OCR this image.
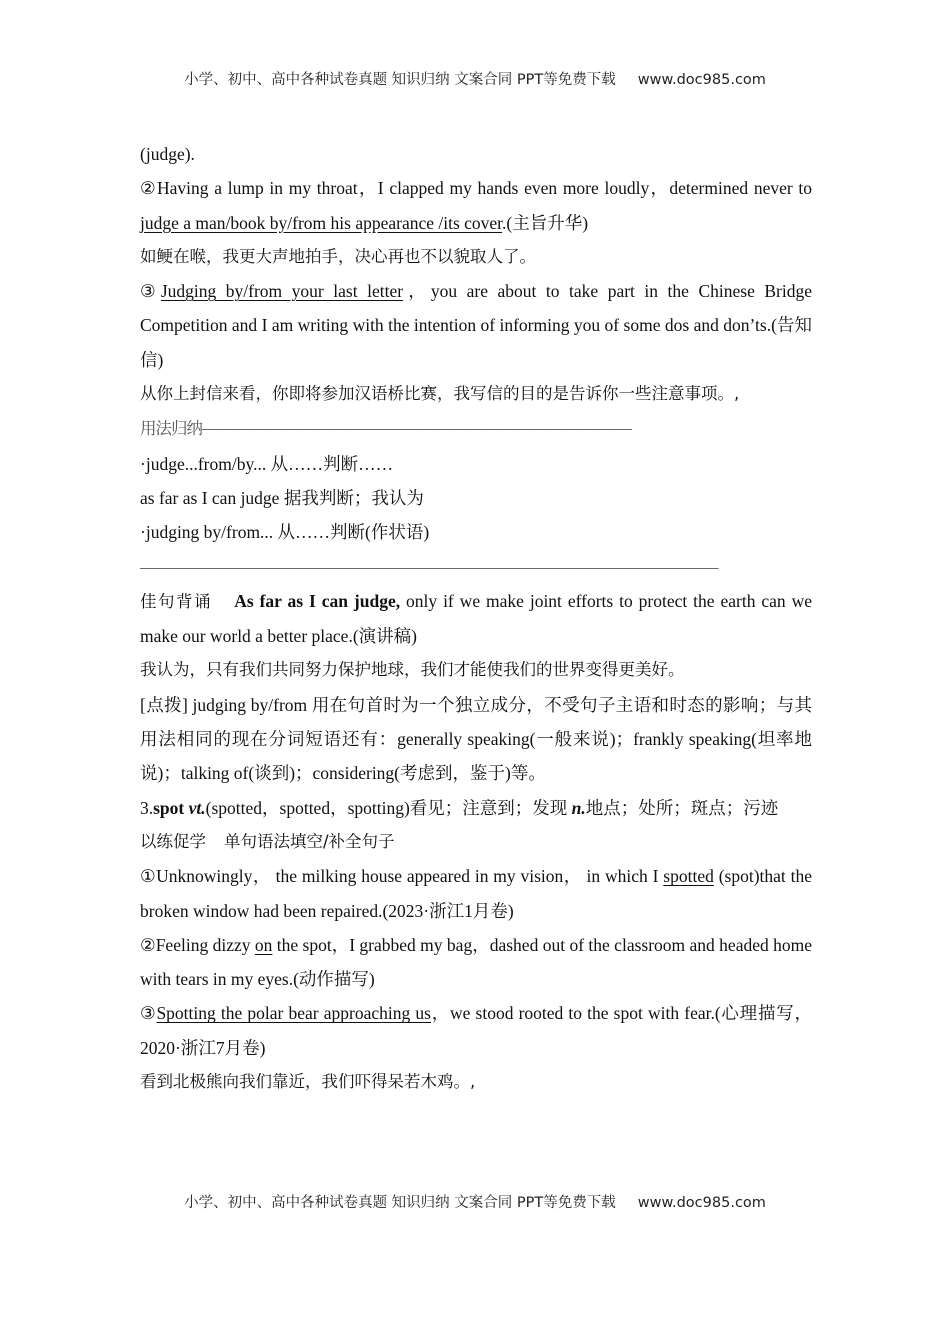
小学、初中、高中各种试卷真题 知识归纳 文案合同 PPT等免费下载 www.doc985.com

(judge).

②Having a lump in my throat，I clapped my hands even more loudly，determined never to judge a man/book by/from his appearance /its cover.(主旨升华)

如鲠在喉，我更大声地拍手，决心再也不以貌取人了。

③Judging by/from your last letter，you are about to take part in the Chinese Bridge Competition and I am writing with the intention of informing you of some dos and don’ts.(告知信)

从你上封信来看，你即将参加汉语桥比赛，我写信的目的是告诉你一些注意事项。,

用法归纳——————————————————————————

·judge...from/by... 从……判断……

as far as I can judge 据我判断；我认为

·judging by/from... 从……判断(作状语)

———————————————————————————————————

佳句背诵 As far as I can judge, only if we make joint efforts to protect the earth can we make our world a better place.(演讲稿)

我认为，只有我们共同努力保护地球，我们才能使我们的世界变得更美好。

[点拨] judging by/from 用在句首时为一个独立成分，不受句子主语和时态的影响；与其用法相同的现在分词短语还有：generally speaking(一般来说)；frankly speaking(坦率地说)；talking of(谈到)；considering(考虑到，鉴于)等。

3.spot vt.(spotted，spotted，spotting)看见；注意到；发现 n.地点；处所；斑点；污迹

以练促学 单句语法填空/补全句子

①Unknowingly， the milking house appeared in my vision， in which I spotted (spot)that the broken window had been repaired.(2023·浙江1月卷)

②Feeling dizzy on the spot，I grabbed my bag，dashed out of the classroom and headed home with tears in my eyes.(动作描写)

③Spotting the polar bear approaching us，we stood rooted to the spot with fear.(心理描写，2020·浙江7月卷)

看到北极熊向我们靠近，我们吓得呆若木鸡。,

小学、初中、高中各种试卷真题 知识归纳 文案合同 PPT等免费下载 www.doc985.com
